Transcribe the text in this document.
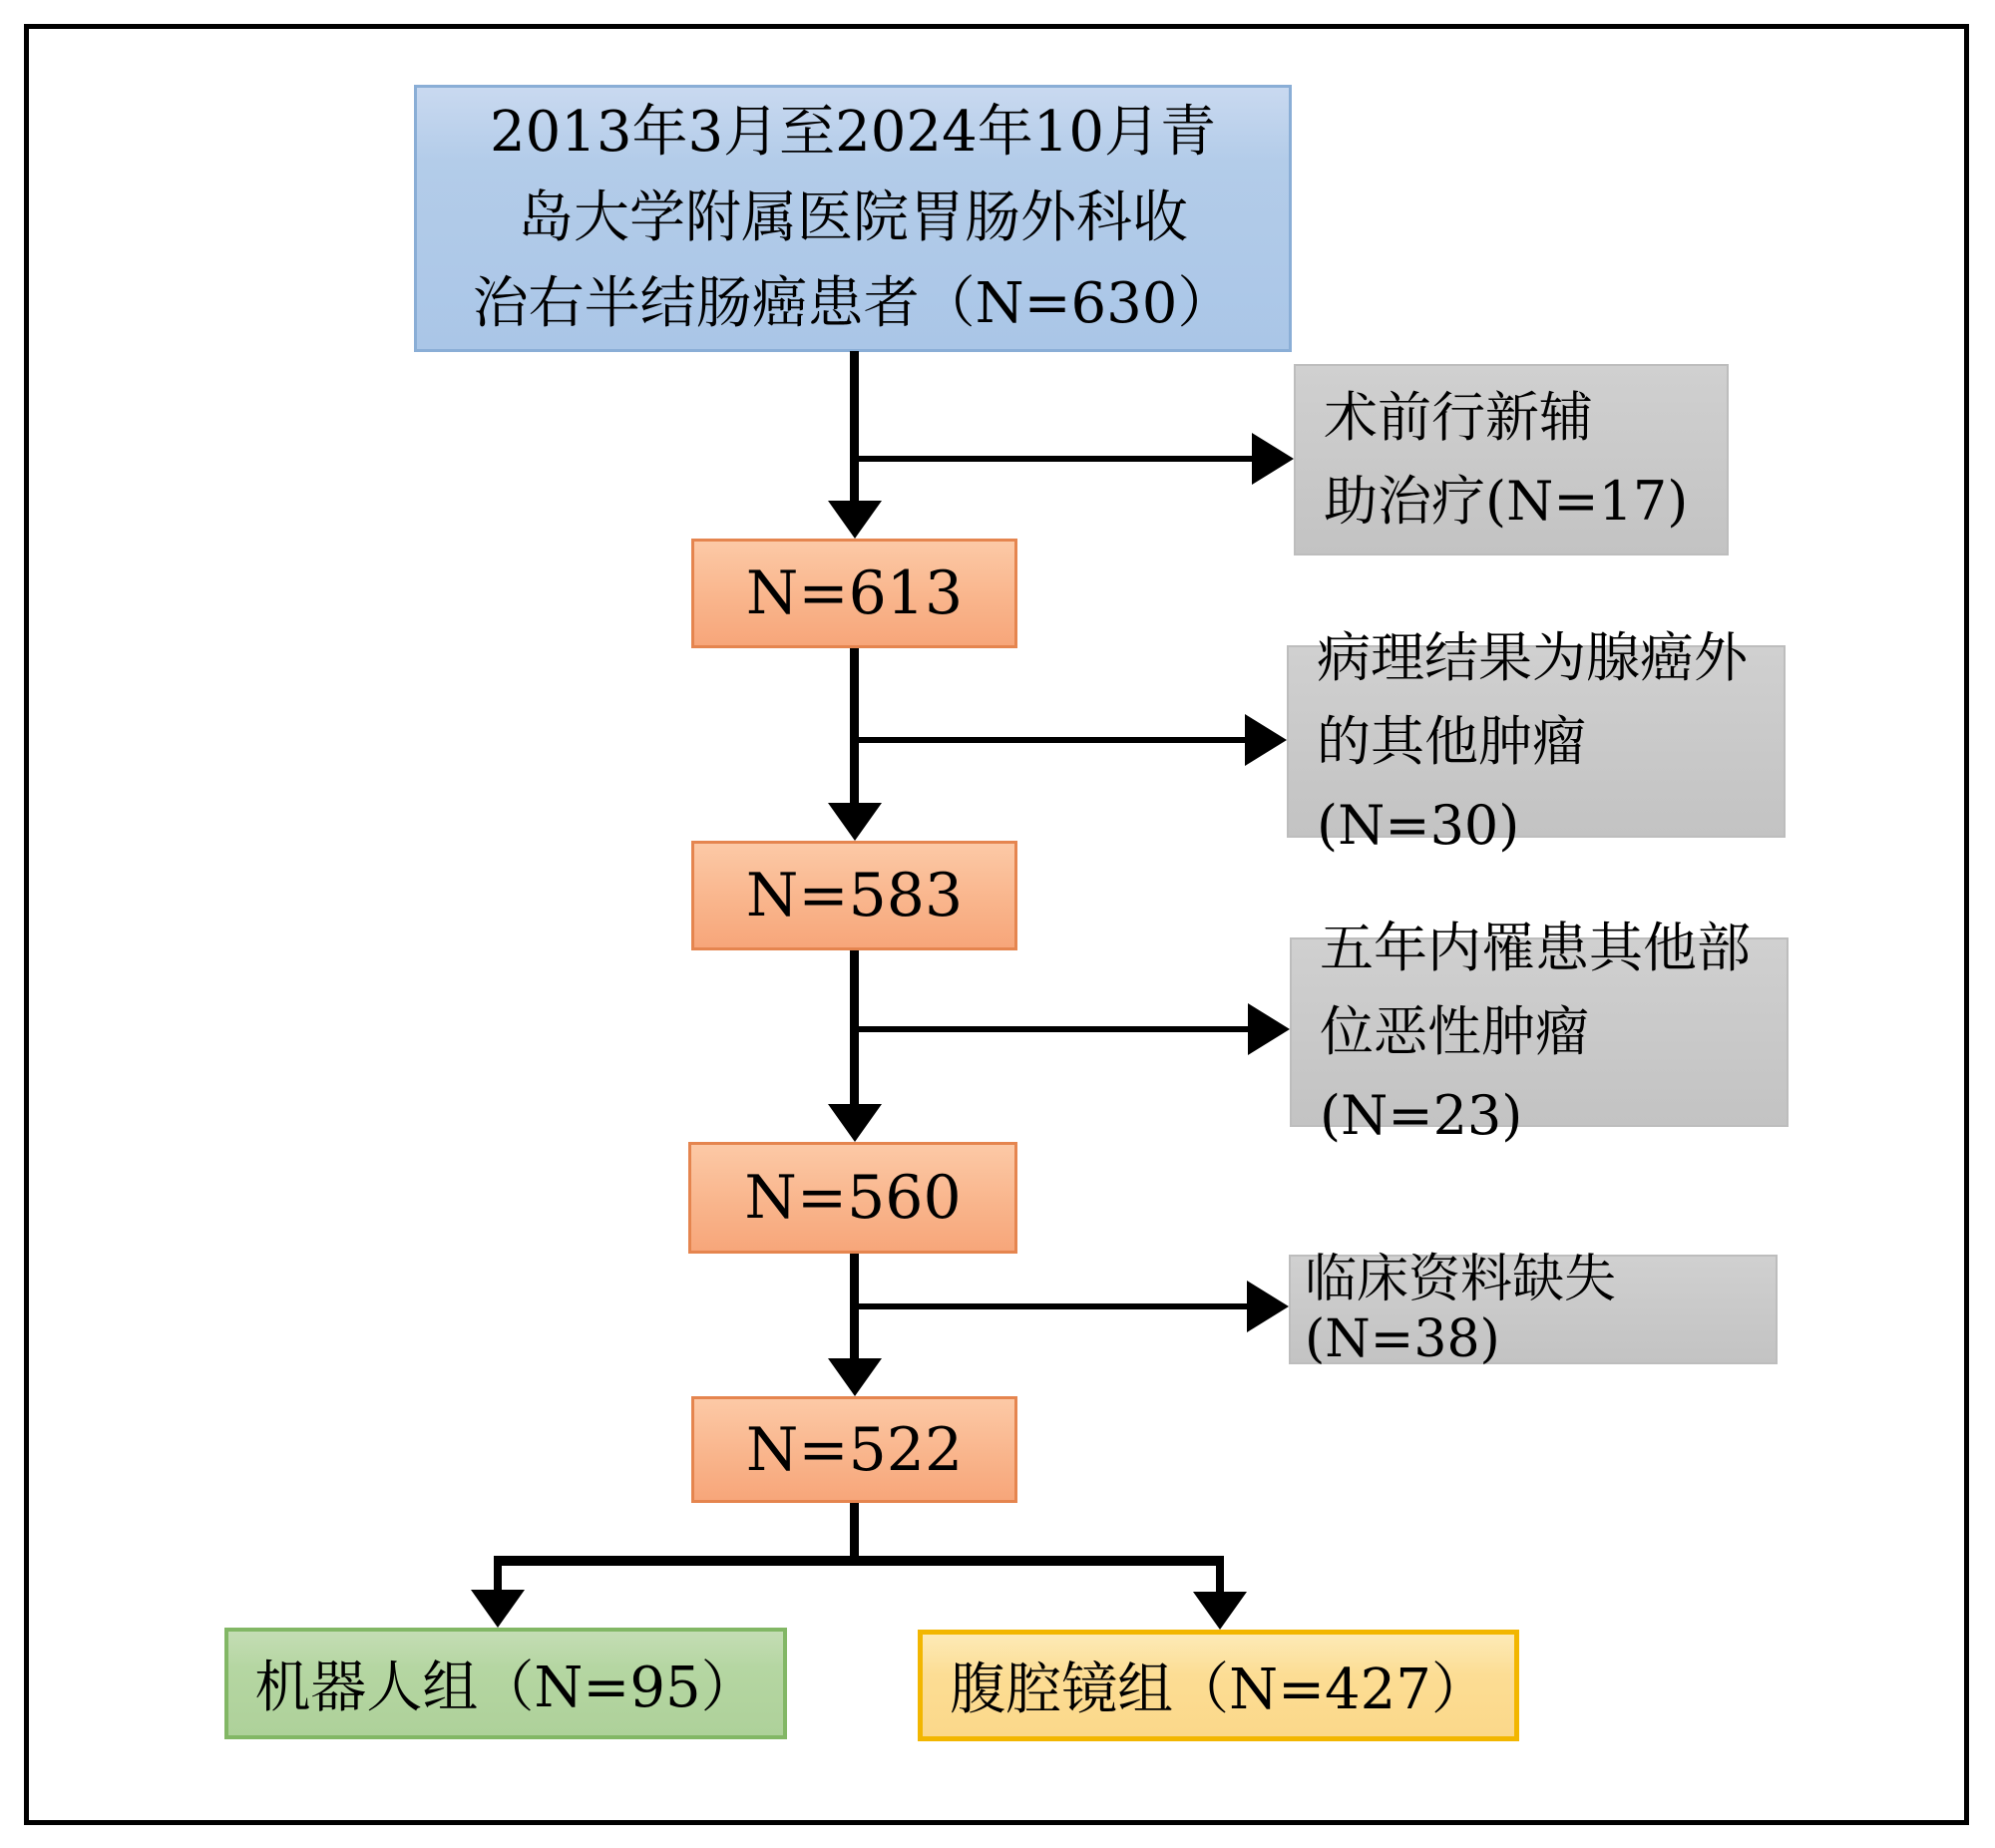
2013年3月至2024年10月青
岛大学附属医院胃肠外科收
治右半结肠癌患者（N=630）
术前行新辅
助治疗(N=17)
N=613
病理结果为腺癌外
的其他肿瘤(N=30)
N=583
五年内罹患其他部
位恶性肿瘤(N=23)
N=560
临床资料缺失(N=38)
N=522
机器人组（N=95）	腹腔镜组（N=427）
